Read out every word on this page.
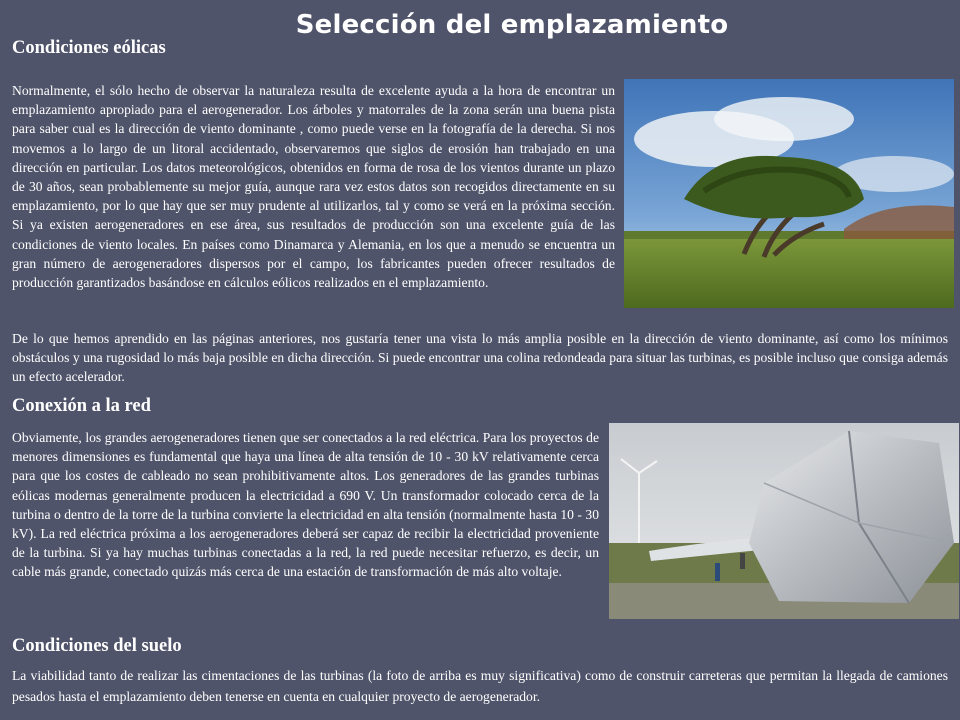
Selección del emplazamiento
Condiciones eólicas

Normalmente, el sólo hecho de observar la naturaleza resulta de excelente ayuda a la hora de encontrar un emplazamiento apropiado para el aerogenerador. Los árboles y matorrales de la zona serán una buena pista para saber cual es la dirección de viento dominante , como puede verse en la fotografía de la derecha. Si nos movemos a lo largo de un litoral accidentado, observaremos que siglos de erosión han trabajado en una dirección en particular. Los datos meteorológicos, obtenidos en forma de rosa de los vientos durante un plazo de 30 años, sean probablemente su mejor guía, aunque rara vez estos datos son recogidos directamente en su emplazamiento, por lo que hay que ser muy prudente al utilizarlos, tal y como se verá en la próxima sección. Si ya existen aerogeneradores en ese área, sus resultados de producción son una excelente guía de las condiciones de viento locales. En países como Dinamarca y Alemania, en los que a menudo se encuentra un gran número de aerogeneradores dispersos por el campo, los fabricantes pueden ofrecer resultados de producción garantizados basándose en cálculos eólicos realizados en el emplazamiento.

De lo que hemos aprendido en las páginas anteriores, nos gustaría tener una vista lo más amplia posible en la dirección de viento dominante, así como los mínimos obstáculos y una rugosidad lo más baja posible en dicha dirección. Si puede encontrar una colina redondeada para situar las turbinas, es posible incluso que consiga además un efecto acelerador.

Conexión a la red

Obviamente, los grandes aerogeneradores tienen que ser conectados a la red eléctrica. Para los proyectos de menores dimensiones es fundamental que haya una línea de alta tensión de 10 - 30 kV relativamente cerca para que los costes de cableado no sean prohibitivamente altos. Los generadores de las grandes turbinas eólicas modernas generalmente producen la electricidad a 690 V. Un transformador colocado cerca de la turbina o dentro de la torre de la turbina convierte la electricidad en alta tensión (normalmente hasta 10 - 30 kV). La red eléctrica próxima a los aerogeneradores deberá ser capaz de recibir la electricidad proveniente de la turbina. Si ya hay muchas turbinas conectadas a la red, la red puede necesitar refuerzo, es decir, un cable más grande, conectado quizás más cerca de una estación de transformación de más alto voltaje.

Condiciones del suelo

La viabilidad tanto de realizar las cimentaciones de las turbinas (la foto de arriba es muy significativa) como de construir carreteras que permitan la llegada de camiones pesados hasta el emplazamiento deben tenerse en cuenta en cualquier proyecto de aerogenerador.
